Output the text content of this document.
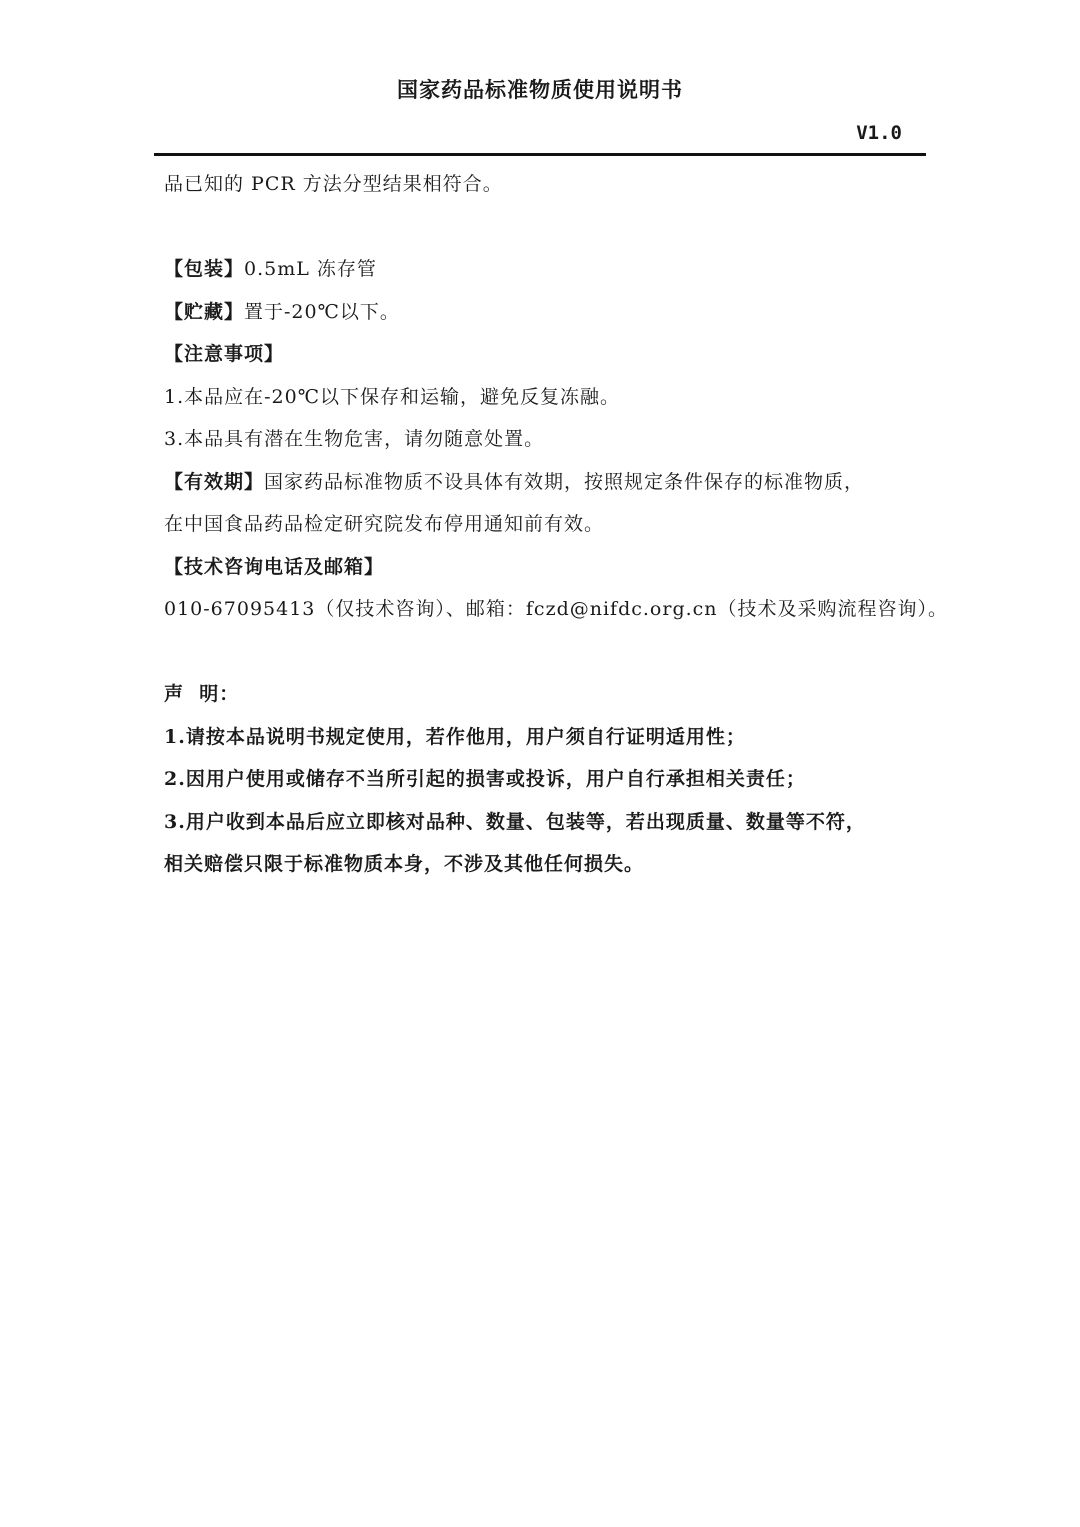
国家药品标准物质使用说明书
V1.0
品已知的 PCR 方法分型结果相符合。
【包装】0.5mL 冻存管
【贮藏】置于-20℃以下。
【注意事项】
1.本品应在-20℃以下保存和运输，避免反复冻融。
3.本品具有潜在生物危害，请勿随意处置。
【有效期】国家药品标准物质不设具体有效期，按照规定条件保存的标准物质，
在中国食品药品检定研究院发布停用通知前有效。
【技术咨询电话及邮箱】
010-67095413（仅技术咨询）、邮箱：fczd@nifdc.org.cn（技术及采购流程咨询）。
声  明：
1.请按本品说明书规定使用，若作他用，用户须自行证明适用性；
2.因用户使用或储存不当所引起的损害或投诉，用户自行承担相关责任；
3.用户收到本品后应立即核对品种、数量、包装等，若出现质量、数量等不符，
相关赔偿只限于标准物质本身，不涉及其他任何损失。
